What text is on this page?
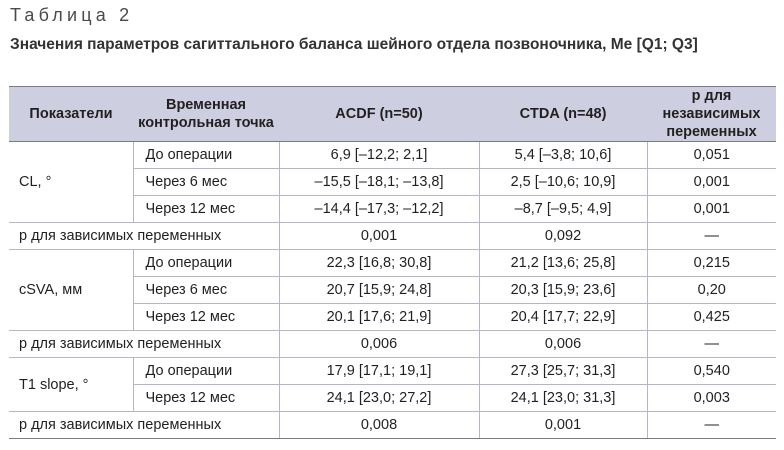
Таблица 2
Значения параметров сагиттального баланса шейного отдела позвоночника, Me [Q1; Q3]
Показатели	Временная контрольная точка	ACDF (n=50)	CTDA (n=48)	р для независимых переменных
CL, °	До операции	6,9 [–12,2; 2,1]	5,4 [–3,8; 10,6]	0,051
	Через 6 мес	–15,5 [–18,1; –13,8]	2,5 [–10,6; 10,9]	0,001
	Через 12 мес	–14,4 [–17,3; –12,2]	–8,7 [–9,5; 4,9]	0,001
р для зависимых переменных		0,001	0,092	—
cSVA, мм	До операции	22,3 [16,8; 30,8]	21,2 [13,6; 25,8]	0,215
	Через 6 мес	20,7 [15,9; 24,8]	20,3 [15,9; 23,6]	0,20
	Через 12 мес	20,1 [17,6; 21,9]	20,4 [17,7; 22,9]	0,425
р для зависимых переменных		0,006	0,006	—
T1 slope, °	До операции	17,9 [17,1; 19,1]	27,3 [25,7; 31,3]	0,540
	Через 12 мес	24,1 [23,0; 27,2]	24,1 [23,0; 31,3]	0,003
р для зависимых переменных		0,008	0,001	—
